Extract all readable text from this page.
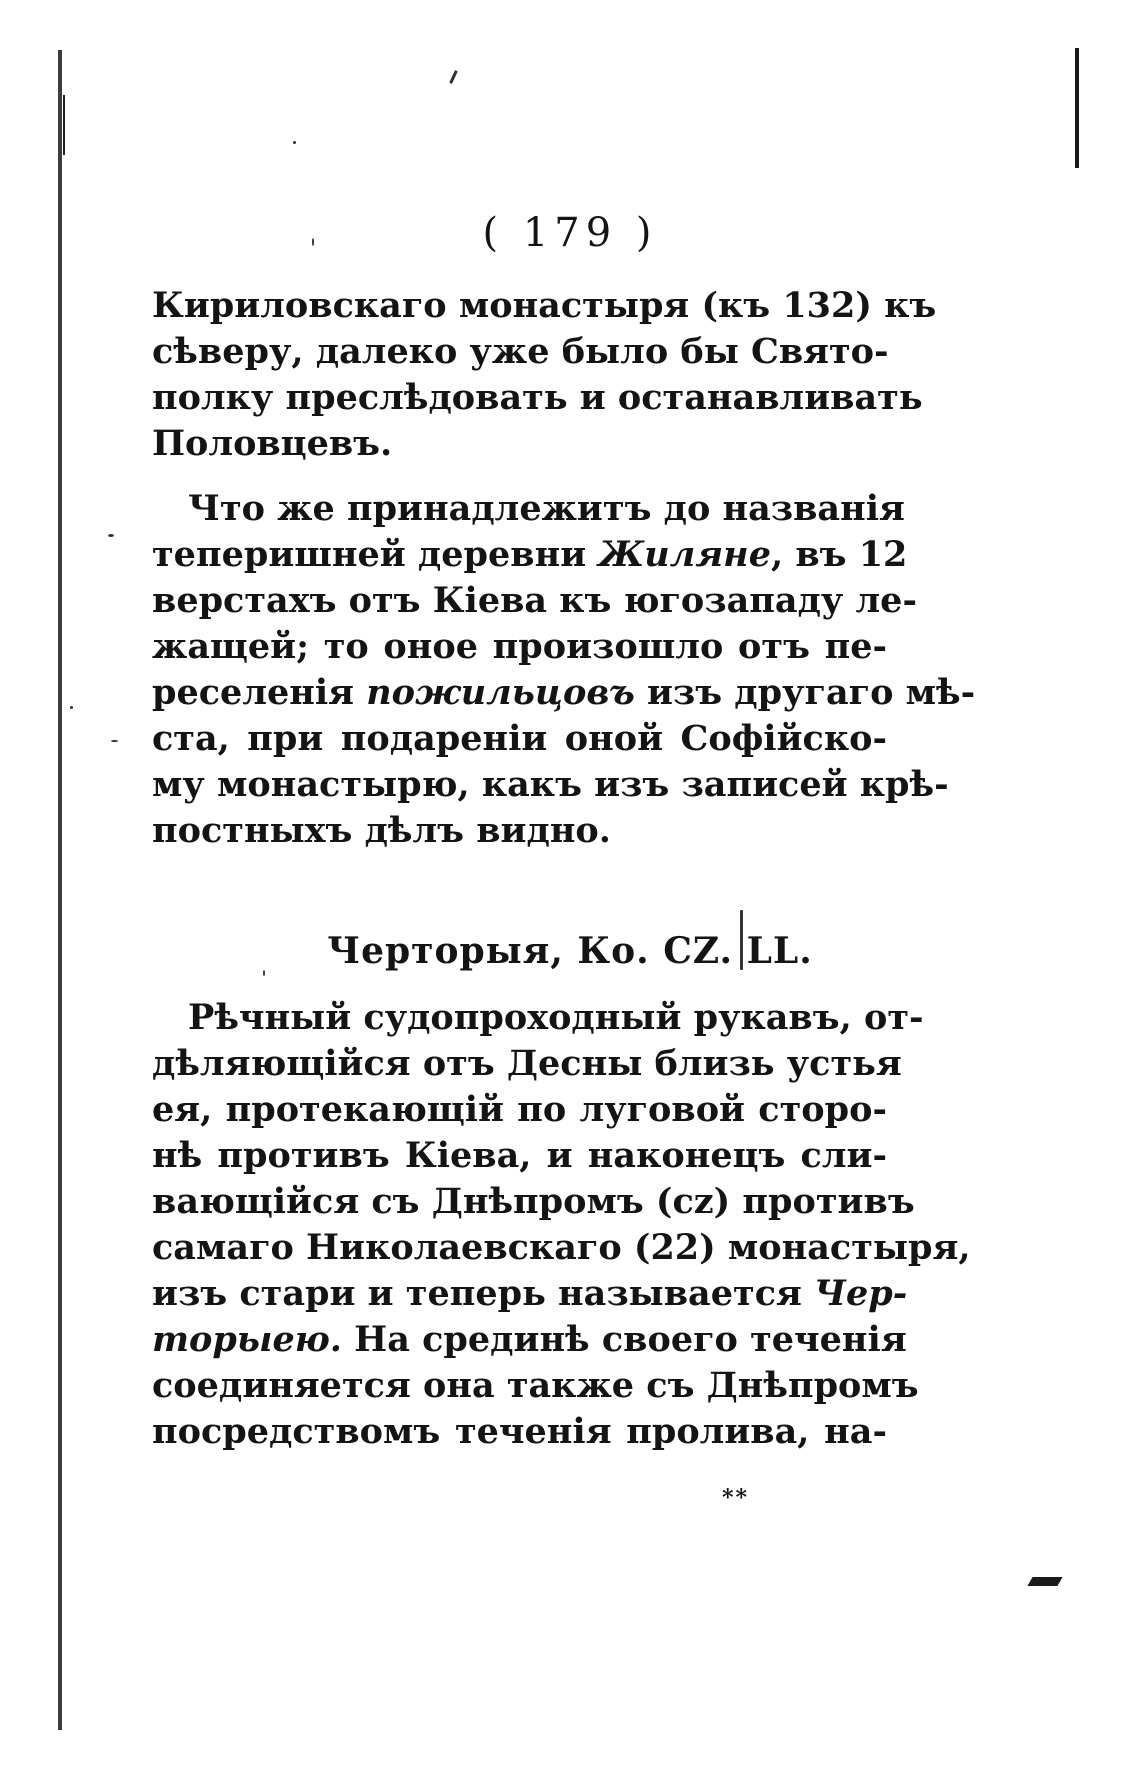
( 179 )
Кириловскаго монастыря (къ 132) къ
сѣверу, далеко уже было бы Свято-
полку преслѣдовать и останавливать
Половцевъ.
Что же принадлежитъ до названія
теперишней деревни Жиляне, въ 12
верстахъ отъ Кіева къ югозападу ле-
жащей; то оное произошло отъ пе-
реселенія пожильцовъ изъ другаго мѣ-
ста, при подареніи оной Софійско-
му монастырю, какъ изъ записей крѣ-
постныхъ дѣлъ видно.
Черторыя, Ко. CZ. LL.
Рѣчный судопроходный рукавъ, от-
дѣляющійся отъ Десны близь устья
ея, протекающій по луговой сторо-
нѣ противъ Кіева, и наконецъ сли-
вающійся съ Днѣпромъ (cz) противъ
самаго Николаевскаго (22) монастыря,
изъ стари и теперь называется Чер-
торыею. На срединѣ своего теченія
соединяется она также съ Днѣпромъ
посредствомъ теченія пролива, на-
**
